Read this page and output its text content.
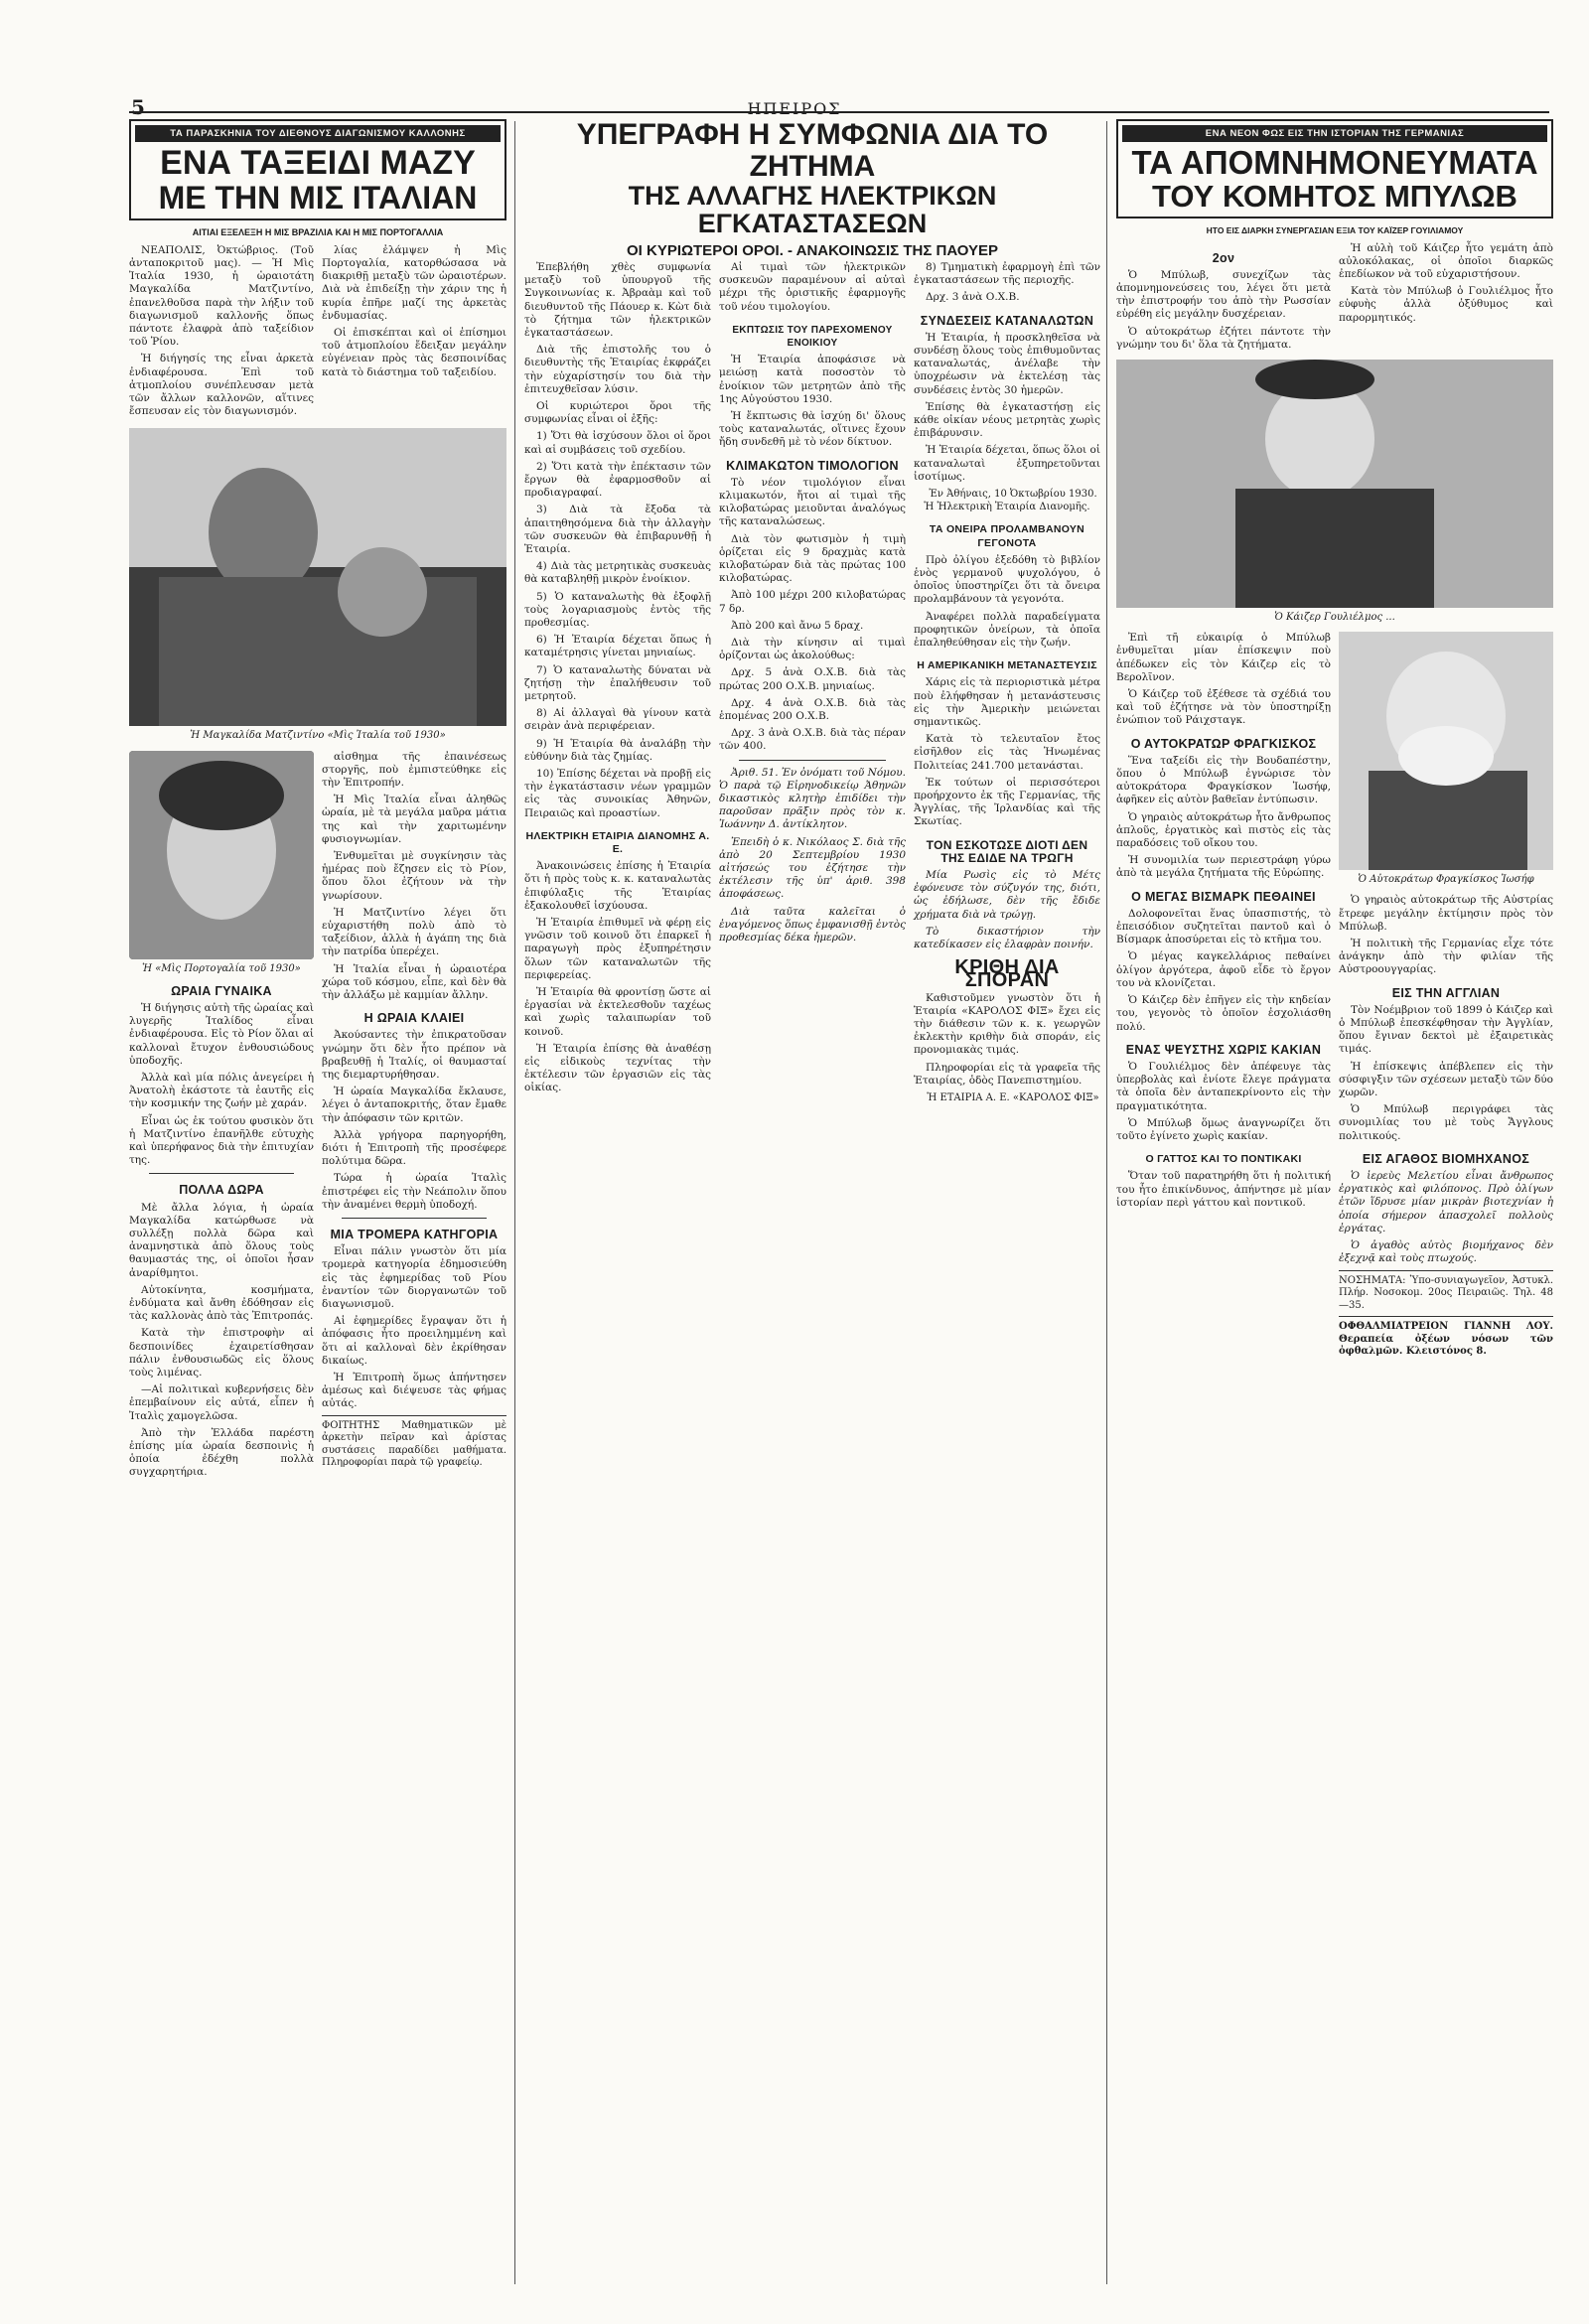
5	ΗΠΕΙΡΟΣ
ΤΑ ΠΑΡΑΣΚΗΝΙΑ ΤΟΥ ΔΙΕΘΝΟΥΣ ΔΙΑΓΩΝΙΣΜΟΥ ΚΑΛΛΟΝΗΣ
ΕΝΑ ΤΑΞΕΙΔΙ ΜΑΖΥ
ΜΕ ΤΗΝ ΜΙΣ ΙΤΑΛΙΑΝ
ΑΙΤΙΑΙ ΕΞΕΛΕΞΗ Η ΜΙΣ ΒΡΑΖΙΛΙΑ ΚΑΙ Η ΜΙΣ ΠΟΡΤΟΓΑΛΛΙΑ

ΝΕΑΠΟΛΙΣ, Ὀκτώβριος. (Τοῦ ἀνταποκριτοῦ μας). — Ἡ Μὶς Ἰταλία 1930, ἡ ὡραιοτάτη Μαγκαλίδα Ματζιντίνο, ἐπανελθοῦσα παρὰ τὴν λήξιν τοῦ διαγωνισμοῦ καλλονῆς ὅπως πάντοτε ἐλαφρὰ ἀπὸ ταξείδιον τοῦ Ῥίου.

Ἡ διήγησίς της εἶναι ἀρκετὰ ἐνδιαφέρουσα. Ἐπὶ τοῦ ἀτμοπλοίου συνέπλευσαν μετὰ τῶν ἄλλων καλλονῶν, αἵτινες ἔσπευσαν εἰς τὸν διαγωνισμόν.

λίας ἐλάμψεν ἡ Μὶς Πορτογαλία, κατορθώσασα νὰ διακριθῇ μεταξὺ τῶν ὡραιοτέρων. Διὰ νὰ ἐπιδείξῃ τὴν χάριν της ἡ κυρία ἐπῆρε μαζί της ἀρκετὰς ἐνδυμασίας.

Οἱ ἐπισκέπται καὶ οἱ ἐπίσημοι τοῦ ἀτμοπλοίου ἔδειξαν μεγάλην εὐγένειαν πρὸς τὰς δεσποινίδας κατὰ τὸ διάστημα τοῦ ταξειδίου.

Ἡ Μαγκαλίδα Ματζιντίνο «Μὶς Ἰταλία τοῦ 1930»
Ἡ «Μὶς Πορτογαλία τοῦ 1930»
ΩΡΑΙΑ ΓΥΝΑΙΚΑ

Ἡ διήγησις αὐτὴ τῆς ὡραίας καὶ λυγερῆς Ἰταλίδος εἶναι ἐνδιαφέρουσα. Εἰς τὸ Ρίον ὅλαι αἱ καλλοναὶ ἔτυχον ἐνθουσιώδους ὑποδοχῆς.

Ἀλλὰ καὶ μία πόλις ἀνεγείρει ἡ Ἀνατολὴ ἑκάστοτε τὰ ἑαυτῆς εἰς τὴν κοσμικήν της ζωήν μὲ χαράν.

Εἶναι ὡς ἐκ τούτου φυσικὸν ὅτι ἡ Ματζιντίνο ἐπανῆλθε εὐτυχὴς καὶ ὑπερήφανος διὰ τὴν ἐπιτυχίαν της.

ΠΟΛΛΑ ΔΩΡΑ

Μὲ ἄλλα λόγια, ἡ ὡραία Μαγκαλίδα κατώρθωσε νὰ συλλέξῃ πολλὰ δῶρα καὶ ἀναμνηστικὰ ἀπὸ ὅλους τοὺς θαυμαστάς της, οἱ ὁποῖοι ἦσαν ἀναρίθμητοι.

Αὐτοκίνητα, κοσμήματα, ἐνδύματα καὶ ἄνθη ἐδόθησαν εἰς τὰς καλλονὰς ἀπὸ τὰς Ἐπιτροπάς.

Κατὰ τὴν ἐπιστροφὴν αἱ δεσποινίδες ἐχαιρετίσθησαν πάλιν ἐνθουσιωδῶς εἰς ὅλους τοὺς λιμένας.

—Αἱ πολιτικαὶ κυβερνήσεις δὲν ἐπεμβαίνουν εἰς αὐτά, εἶπεν ἡ Ἰταλὶς χαμογελῶσα.

Ἀπὸ τὴν Ἑλλάδα παρέστη ἐπίσης μία ὡραία δεσποινὶς ἡ ὁποία ἐδέχθη πολλὰ συγχαρητήρια.

αἰσθημα τῆς ἐπαινέσεως στοργῆς, ποὺ ἐμπιστεύθηκε εἰς τὴν Ἐπιτροπήν.

Ἡ Μὶς Ἰταλία εἶναι ἀληθῶς ὡραία, μὲ τὰ μεγάλα μαῦρα μάτια της καὶ τὴν χαριτωμένην φυσιογνωμίαν.

Ἐνθυμεῖται μὲ συγκίνησιν τὰς ἡμέρας ποὺ ἔζησεν εἰς τὸ Ρίον, ὅπου ὅλοι ἐζήτουν νὰ τὴν γνωρίσουν.

Ἡ Ματζιντίνο λέγει ὅτι εὐχαριστήθη πολὺ ἀπὸ τὸ ταξείδιον, ἀλλὰ ἡ ἀγάπη της διὰ τὴν πατρίδα ὑπερέχει.

Ἡ Ἰταλία εἶναι ἡ ὡραιοτέρα χώρα τοῦ κόσμου, εἶπε, καὶ δὲν θὰ τὴν ἀλλάξω μὲ καμμίαν ἄλλην.

Η ΩΡΑΙΑ ΚΛΑΙΕΙ

Ἀκούσαντες τὴν ἐπικρατοῦσαν γνώμην ὅτι δὲν ἦτο πρέπον νὰ βραβευθῇ ἡ Ἰταλίς, οἱ θαυμασταί της διεμαρτυρήθησαν.

Ἡ ὡραία Μαγκαλίδα ἔκλαυσε, λέγει ὁ ἀνταποκριτής, ὅταν ἔμαθε τὴν ἀπόφασιν τῶν κριτῶν.

Ἀλλὰ γρήγορα παρηγορήθη, διότι ἡ Ἐπιτροπὴ τῆς προσέφερε πολύτιμα δῶρα.

Τώρα ἡ ὡραία Ἰταλὶς ἐπιστρέφει εἰς τὴν Νεάπολιν ὅπου τὴν ἀναμένει θερμὴ ὑποδοχή.

ΜΙΑ ΤΡΟΜΕΡΑ ΚΑΤΗΓΟΡΙΑ

Εἶναι πάλιν γνωστὸν ὅτι μία τρομερὰ κατηγορία ἐδημοσιεύθη εἰς τὰς ἐφημερίδας τοῦ Ρίου ἐναντίον τῶν διοργανωτῶν τοῦ διαγωνισμοῦ.

Αἱ ἐφημερίδες ἔγραψαν ὅτι ἡ ἀπόφασις ἦτο προειλημμένη καὶ ὅτι αἱ καλλοναὶ δὲν ἐκρίθησαν δικαίως.

Ἡ Ἐπιτροπὴ ὅμως ἀπήντησεν ἀμέσως καὶ διέψευσε τὰς φήμας αὐτάς.

ΦΟΙΤΗΤΗΣ Μαθηματικῶν μὲ ἀρκετὴν πεῖραν καὶ ἀρίστας συστάσεις παραδίδει μαθήματα. Πληροφορίαι παρὰ τῷ γραφείῳ.

ΥΠΕΓΡΑΦΗ Η ΣΥΜΦΩΝΙΑ ΔΙΑ ΤΟ ΖΗΤΗΜΑ
ΤΗΣ ΑΛΛΑΓΗΣ ΗΛΕΚΤΡΙΚΩΝ ΕΓΚΑΤΑΣΤΑΣΕΩΝ
ΟΙ ΚΥΡΙΩΤΕΡΟΙ ΟΡΟΙ. - ΑΝΑΚΟΙΝΩΣΙΣ ΤΗΣ ΠΑΟΥΕΡ

Ἐπεβλήθη χθὲς συμφωνία μεταξὺ τοῦ ὑπουργοῦ τῆς Συγκοινωνίας κ. Ἀβραὰμ καὶ τοῦ διευθυντοῦ τῆς Πάουερ κ. Κὼτ διὰ τὸ ζήτημα τῶν ἠλεκτρικῶν ἐγκαταστάσεων.

Διὰ τῆς ἐπιστολῆς του ὁ διευθυντὴς τῆς Ἑταιρίας ἐκφράζει τὴν εὐχαρίστησίν του διὰ τὴν ἐπιτευχθεῖσαν λύσιν.

Οἱ κυριώτεροι ὅροι τῆς συμφωνίας εἶναι οἱ ἑξῆς:

1) Ὅτι θὰ ἰσχύσουν ὅλοι οἱ ὅροι καὶ αἱ συμβάσεις τοῦ σχεδίου.

2) Ὅτι κατὰ τὴν ἐπέκτασιν τῶν ἔργων θὰ ἐφαρμοσθοῦν αἱ προδιαγραφαί.

3) Διὰ τὰ ἔξοδα τὰ ἀπαιτηθησόμενα διὰ τὴν ἀλλαγὴν τῶν συσκευῶν θὰ ἐπιβαρυνθῇ ἡ Ἑταιρία.

4) Διὰ τὰς μετρητικὰς συσκευὰς θὰ καταβληθῇ μικρὸν ἐνοίκιον.

5) Ὁ καταναλωτὴς θὰ ἐξοφλῇ τοὺς λογαριασμοὺς ἐντὸς τῆς προθεσμίας.

6) Ἡ Ἑταιρία δέχεται ὅπως ἡ καταμέτρησις γίνεται μηνιαίως.

7) Ὁ καταναλωτὴς δύναται νὰ ζητήσῃ τὴν ἐπαλήθευσιν τοῦ μετρητοῦ.

8) Αἱ ἀλλαγαὶ θὰ γίνουν κατὰ σειρὰν ἀνὰ περιφέρειαν.

9) Ἡ Ἑταιρία θὰ ἀναλάβῃ τὴν εὐθύνην διὰ τὰς ζημίας.

10) Ἐπίσης δέχεται νὰ προβῇ εἰς τὴν ἐγκατάστασιν νέων γραμμῶν εἰς τὰς συνοικίας Ἀθηνῶν, Πειραιῶς καὶ προαστίων.

ΗΛΕΚΤΡΙΚΗ ΕΤΑΙΡΙΑ ΔΙΑΝΟΜΗΣ Α. Ε.

Ἀνακοινώσεις ἐπίσης ἡ Ἑταιρία ὅτι ἡ πρὸς τοὺς κ. κ. καταναλωτὰς ἐπιφύλαξις τῆς Ἑταιρίας ἐξακολουθεῖ ἰσχύουσα.

Ἡ Ἑταιρία ἐπιθυμεῖ νὰ φέρῃ εἰς γνῶσιν τοῦ κοινοῦ ὅτι ἐπαρκεῖ ἡ παραγωγὴ πρὸς ἐξυπηρέτησιν ὅλων τῶν καταναλωτῶν τῆς περιφερείας.

Ἡ Ἑταιρία θὰ φροντίσῃ ὥστε αἱ ἐργασίαι νὰ ἐκτελεσθοῦν ταχέως καὶ χωρὶς ταλαιπωρίαν τοῦ κοινοῦ.

Ἡ Ἑταιρία ἐπίσης θὰ ἀναθέσῃ εἰς εἰδικοὺς τεχνίτας τὴν ἐκτέλεσιν τῶν ἐργασιῶν εἰς τὰς οἰκίας.

Αἱ τιμαὶ τῶν ἠλεκτρικῶν συσκευῶν παραμένουν αἱ αὐταὶ μέχρι τῆς ὁριστικῆς ἐφαρμογῆς τοῦ νέου τιμολογίου.

ΕΚΠΤΩΣΙΣ ΤΟΥ ΠΑΡΕΧΟΜΕΝΟΥ ΕΝΟΙΚΙΟΥ

Ἡ Ἑταιρία ἀποφάσισε νὰ μειώσῃ κατὰ ποσοστὸν τὸ ἐνοίκιον τῶν μετρητῶν ἀπὸ τῆς 1ης Αὐγούστου 1930.

Ἡ ἔκπτωσις θὰ ἰσχύῃ δι' ὅλους τοὺς καταναλωτάς, οἵτινες ἔχουν ἤδη συνδεθῆ μὲ τὸ νέον δίκτυον.

ΚΛΙΜΑΚΩΤΟΝ ΤΙΜΟΛΟΓΙΟΝ

Τὸ νέον τιμολόγιον εἶναι κλιμακωτόν, ἤτοι αἱ τιμαὶ τῆς κιλοβατώρας μειοῦνται ἀναλόγως τῆς καταναλώσεως.

Διὰ τὸν φωτισμὸν ἡ τιμὴ ὁρίζεται εἰς 9 δραχμὰς κατὰ κιλοβατώραν διὰ τὰς πρώτας 100 κιλοβατώρας.

Ἀπὸ 100 μέχρι 200 κιλοβατώρας 7 δρ.

Ἀπὸ 200 καὶ ἄνω 5 δραχ.

Διὰ τὴν κίνησιν αἱ τιμαὶ ὁρίζονται ὡς ἀκολούθως:

Δρχ. 5 ἀνὰ Ο.Χ.Β. διὰ τὰς πρώτας 200 Ο.Χ.Β. μηνιαίως.

Δρχ. 4 ἀνὰ Ο.Χ.Β. διὰ τὰς ἑπομένας 200 Ο.Χ.Β.

Δρχ. 3 ἀνὰ Ο.Χ.Β. διὰ τὰς πέραν τῶν 400.

Ἀριθ. 51. Ἐν ὀνόματι τοῦ Νόμου. Ὁ παρὰ τῷ Εἰρηνοδικείῳ Ἀθηνῶν δικαστικὸς κλητὴρ ἐπιδίδει τὴν παροῦσαν πρᾶξιν πρὸς τὸν κ. Ἰωάννην Δ. ἀντίκλητον.

Ἐπειδὴ ὁ κ. Νικόλαος Σ. διὰ τῆς ἀπὸ 20 Σεπτεμβρίου 1930 αἰτήσεώς του ἐζήτησε τὴν ἐκτέλεσιν τῆς ὑπ' ἀριθ. 398 ἀποφάσεως.

Διὰ ταῦτα καλεῖται ὁ ἐναγόμενος ὅπως ἐμφανισθῇ ἐντὸς προθεσμίας δέκα ἡμερῶν.

8) Τμηματικὴ ἐφαρμογὴ ἐπὶ τῶν ἐγκαταστάσεων τῆς περιοχῆς.

Δρχ. 3 ἀνὰ Ο.Χ.Β.

ΣΥΝΔΕΣΕΙΣ ΚΑΤΑΝΑΛΩΤΩΝ

Ἡ Ἑταιρία, ἡ προσκληθεῖσα νὰ συνδέσῃ ὅλους τοὺς ἐπιθυμοῦντας καταναλωτάς, ἀνέλαβε τὴν ὑποχρέωσιν νὰ ἐκτελέσῃ τὰς συνδέσεις ἐντὸς 30 ἡμερῶν.

Ἐπίσης θὰ ἐγκαταστήσῃ εἰς κάθε οἰκίαν νέους μετρητὰς χωρὶς ἐπιβάρυνσιν.

Ἡ Ἑταιρία δέχεται, ὅπως ὅλοι οἱ καταναλωταὶ ἐξυπηρετοῦνται ἰσοτίμως.

Ἐν Ἀθήναις, 10 Ὀκτωβρίου 1930. Ἡ Ἠλεκτρικὴ Ἑταιρία Διανομῆς.

ΤΑ ΟΝΕΙΡΑ ΠΡΟΛΑΜΒΑΝΟΥΝ ΓΕΓΟΝΟΤΑ

Πρὸ ὀλίγου ἐξεδόθη τὸ βιβλίον ἑνὸς γερμανοῦ ψυχολόγου, ὁ ὁποῖος ὑποστηρίζει ὅτι τὰ ὄνειρα προλαμβάνουν τὰ γεγονότα.

Ἀναφέρει πολλὰ παραδείγματα προφητικῶν ὀνείρων, τὰ ὁποῖα ἐπαληθεύθησαν εἰς τὴν ζωήν.

Η ΑΜΕΡΙΚΑΝΙΚΗ ΜΕΤΑΝΑΣΤΕΥΣΙΣ

Χάρις εἰς τὰ περιοριστικὰ μέτρα ποὺ ἐλήφθησαν ἡ μετανάστευσις εἰς τὴν Ἀμερικὴν μειώνεται σημαντικῶς.

Κατὰ τὸ τελευταῖον ἔτος εἰσῆλθον εἰς τὰς Ἡνωμένας Πολιτείας 241.700 μετανάσται.

Ἐκ τούτων οἱ περισσότεροι προήρχοντο ἐκ τῆς Γερμανίας, τῆς Ἀγγλίας, τῆς Ἰρλανδίας καὶ τῆς Σκωτίας.

ΤΟΝ ΕΣΚΟΤΩΣΕ ΔΙΟΤΙ ΔΕΝ ΤΗΣ ΕΔΙΔΕ ΝΑ ΤΡΩΓΗ

Μία Ρωσὶς εἰς τὸ Μέτς ἐφόνευσε τὸν σύζυγόν της, διότι, ὡς ἐδήλωσε, δὲν τῆς ἔδιδε χρήματα διὰ νὰ τρώγῃ.

Τὸ δικαστήριον τὴν κατεδίκασεν εἰς ἐλαφρὰν ποινήν.

ΚΡΙΘΗ ΔΙΑ ΣΠΟΡΑΝ

Καθιστοῦμεν γνωστὸν ὅτι ἡ Ἑταιρία «ΚΑΡΟΛΟΣ ΦΙΞ» ἔχει εἰς τὴν διάθεσιν τῶν κ. κ. γεωργῶν ἐκλεκτὴν κριθὴν διὰ σποράν, εἰς προνομιακὰς τιμάς.

Πληροφορίαι εἰς τὰ γραφεῖα τῆς Ἑταιρίας, ὁδὸς Πανεπιστημίου.

Ἡ ΕΤΑΙΡΙΑ Α. Ε. «ΚΑΡΟΛΟΣ ΦΙΞ»

ΕΝΑ ΝΕΟΝ ΦΩΣ ΕΙΣ ΤΗΝ ΙΣΤΟΡΙΑΝ ΤΗΣ ΓΕΡΜΑΝΙΑΣ
ΤΑ ΑΠΟΜΝΗΜΟΝΕΥΜΑΤΑ
ΤΟΥ ΚΟΜΗΤΟΣ ΜΠΥΛΩΒ
ΗΤΟ ΕΙΣ ΔΙΑΡΚΗ ΣΥΝΕΡΓΑΣΙΑΝ ΕΞΙΑ ΤΟΥ ΚΑΪΖΕΡ ΓΟΥΙΛΙΑΜΟΥ
2ον

Ὁ Μπύλωβ, συνεχίζων τὰς ἀπομνημονεύσεις του, λέγει ὅτι μετὰ τὴν ἐπιστροφήν του ἀπὸ τὴν Ρωσσίαν εὑρέθη εἰς μεγάλην δυσχέρειαν.

Ὁ αὐτοκράτωρ ἐζήτει πάντοτε τὴν γνώμην του δι' ὅλα τὰ ζητήματα.

Ἡ αὐλὴ τοῦ Κάιζερ ἦτο γεμάτη ἀπὸ αὐλοκόλακας, οἱ ὁποῖοι διαρκῶς ἐπεδίωκον νὰ τοῦ εὐχαριστήσουν.

Κατὰ τὸν Μπύλωβ ὁ Γουλιέλμος ἦτο εὐφυὴς ἀλλὰ ὀξύθυμος καὶ παρορμητικός.

Ὁ Κάιζερ Γουλιέλμος ...

Ἐπὶ τῆ εὐκαιρίᾳ ὁ Μπύλωβ ἐνθυμεῖται μίαν ἐπίσκεψιν ποὺ ἀπέδωκεν εἰς τὸν Κάιζερ εἰς τὸ Βερολῖνον.

Ὁ Κάιζερ τοῦ ἐξέθεσε τὰ σχέδιά του καὶ τοῦ ἐζήτησε νὰ τὸν ὑποστηρίξῃ ἐνώπιον τοῦ Ράιχσταγκ.

Ο ΑΥΤΟΚΡΑΤΩΡ ΦΡΑΓΚΙΣΚΟΣ

Ἕνα ταξείδι εἰς τὴν Βουδαπέστην, ὅπου ὁ Μπύλωβ ἐγνώρισε τὸν αὐτοκράτορα Φραγκίσκον Ἰωσήφ, ἀφῆκεν εἰς αὐτὸν βαθεῖαν ἐντύπωσιν.

Ὁ γηραιὸς αὐτοκράτωρ ἦτο ἄνθρωπος ἁπλοῦς, ἐργατικὸς καὶ πιστὸς εἰς τὰς παραδόσεις τοῦ οἴκου του.

Ἡ συνομιλία των περιεστράφη γύρω ἀπὸ τὰ μεγάλα ζητήματα τῆς Εὐρώπης.

Ο ΜΕΓΑΣ ΒΙΣΜΑΡΚ ΠΕΘΑΙΝΕΙ

Δολοφονεῖται ἕνας ὑπασπιστής, τὸ ἐπεισόδιον συζητεῖται παντοῦ καὶ ὁ Βίσμαρκ ἀποσύρεται εἰς τὸ κτῆμα του.

Ὁ μέγας καγκελλάριος πεθαίνει ὀλίγον ἀργότερα, ἀφοῦ εἶδε τὸ ἔργον του νὰ κλονίζεται.

Ὁ Κάιζερ δὲν ἐπῆγεν εἰς τὴν κηδείαν του, γεγονὸς τὸ ὁποῖον ἐσχολιάσθη πολύ.

ΕΝΑΣ ΨΕΥΣΤΗΣ ΧΩΡΙΣ ΚΑΚΙΑΝ

Ὁ Γουλιέλμος δὲν ἀπέφευγε τὰς ὑπερβολὰς καὶ ἐνίοτε ἔλεγε πράγματα τὰ ὁποῖα δὲν ἀνταπεκρίνοντο εἰς τὴν πραγματικότητα.

Ὁ Μπύλωβ ὅμως ἀναγνωρίζει ὅτι τοῦτο ἐγίνετο χωρὶς κακίαν.

Ο ΓΑΤΤΟΣ ΚΑΙ ΤΟ ΠΟΝΤΙΚΑΚΙ

Ὅταν τοῦ παρατηρήθη ὅτι ἡ πολιτική του ἦτο ἐπικίνδυνος, ἀπήντησε μὲ μίαν ἱστορίαν περὶ γάττου καὶ ποντικοῦ.

Ὁ Αὐτοκράτωρ Φραγκίσκος Ἰωσήφ

Ὁ γηραιὸς αὐτοκράτωρ τῆς Αὐστρίας ἔτρεφε μεγάλην ἐκτίμησιν πρὸς τὸν Μπύλωβ.

Ἡ πολιτικὴ τῆς Γερμανίας εἶχε τότε ἀνάγκην ἀπὸ τὴν φιλίαν τῆς Αὐστροουγγαρίας.

ΕΙΣ ΤΗΝ ΑΓΓΛΙΑΝ

Τὸν Νοέμβριον τοῦ 1899 ὁ Κάιζερ καὶ ὁ Μπύλωβ ἐπεσκέφθησαν τὴν Ἀγγλίαν, ὅπου ἔγιναν δεκτοὶ μὲ ἐξαιρετικὰς τιμάς.

Ἡ ἐπίσκεψις ἀπέβλεπεν εἰς τὴν σύσφιγξιν τῶν σχέσεων μεταξὺ τῶν δύο χωρῶν.

Ὁ Μπύλωβ περιγράφει τὰς συνομιλίας του μὲ τοὺς Ἄγγλους πολιτικούς.

ΕΙΣ ΑΓΑΘΟΣ ΒΙΟΜΗΧΑΝΟΣ

Ὁ ἱερεὺς Μελετίου εἶναι ἄνθρωπος ἐργατικὸς καὶ φιλόπονος. Πρὸ ὀλίγων ἐτῶν ἵδρυσε μίαν μικρὰν βιοτεχνίαν ἡ ὁποία σήμερον ἀπασχολεῖ πολλοὺς ἐργάτας.

Ὁ ἀγαθὸς αὐτὸς βιομήχανος δὲν ἐξεχνᾷ καὶ τοὺς πτωχούς.

ΝΟΣΗΜΑΤΑ: Ὑπο-συνιαγωγεῖον, Ἀστυκλ. Πλήρ. Νοσοκομ. 20ος Πειραιῶς. Τηλ. 48—35.

ΟΦΘΑΛΜΙΑΤΡΕΙΟΝ ΓΙΑΝΝΗ ΛΟΥ. Θεραπεία ὀξέων νόσων τῶν ὀφθαλμῶν. Κλειστόνος 8.
